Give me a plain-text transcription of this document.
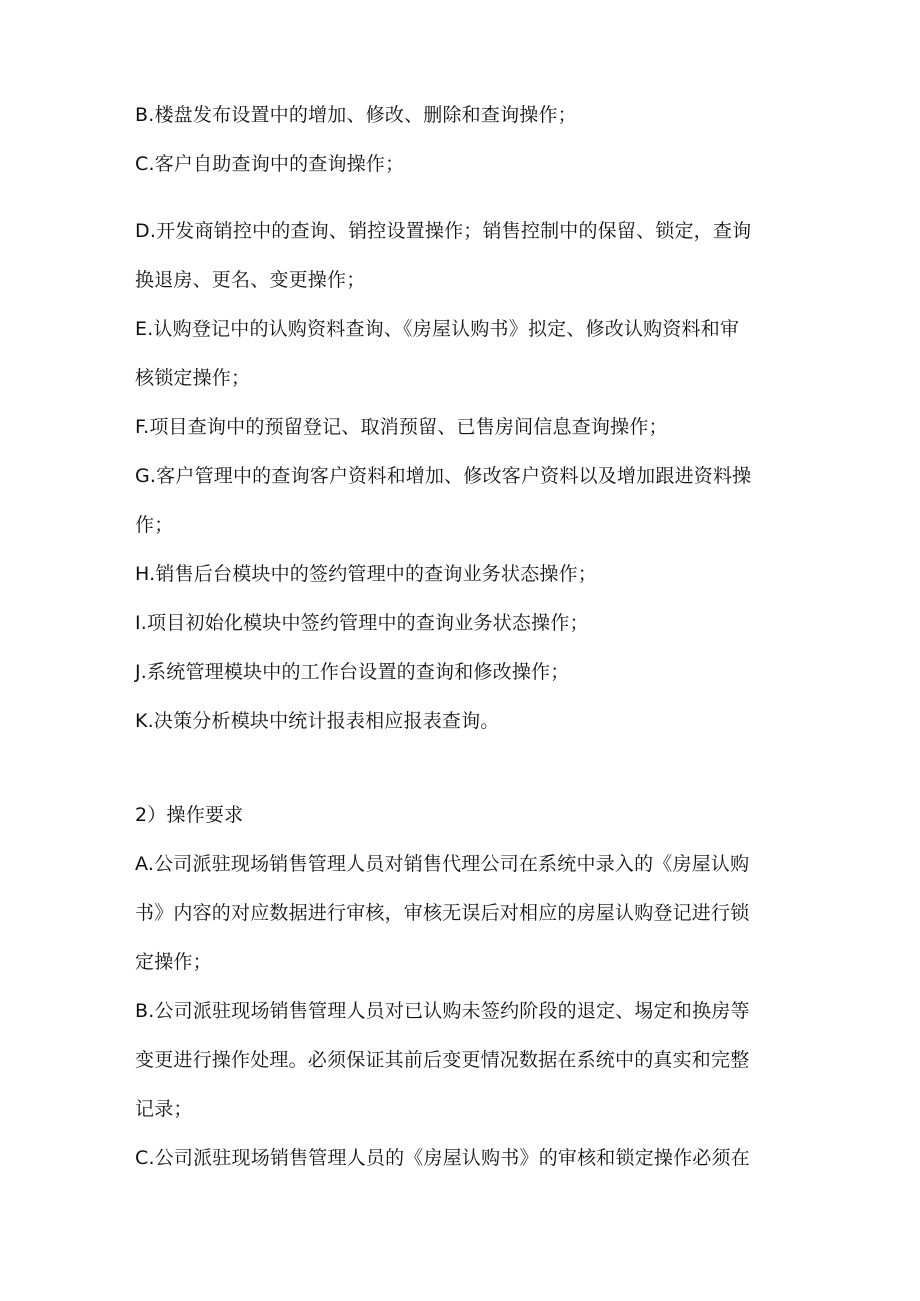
B.楼盘发布设置中的增加、修改、删除和查询操作；

C.客户自助查询中的查询操作；

D.开发商销控中的查询、销控设置操作；销售控制中的保留、锁定，查询

换退房、更名、变更操作；

E.认购登记中的认购资料查询、《房屋认购书》拟定、修改认购资料和审

核锁定操作；

F.项目查询中的预留登记、取消预留、已售房间信息查询操作；

G.客户管理中的查询客户资料和增加、修改客户资料以及增加跟进资料操

作；

H.销售后台模块中的签约管理中的查询业务状态操作；

I.项目初始化模块中签约管理中的查询业务状态操作；

J.系统管理模块中的工作台设置的查询和修改操作；

K.决策分析模块中统计报表相应报表查询。

2）操作要求

A.公司派驻现场销售管理人员对销售代理公司在系统中录入的《房屋认购

书》内容的对应数据进行审核，审核无误后对相应的房屋认购登记进行锁

定操作；

B.公司派驻现场销售管理人员对已认购未签约阶段的退定、埸定和换房等

变更进行操作处理。必须保证其前后变更情况数据在系统中的真实和完整

记录；

C.公司派驻现场销售管理人员的《房屋认购书》的审核和锁定操作必须在
